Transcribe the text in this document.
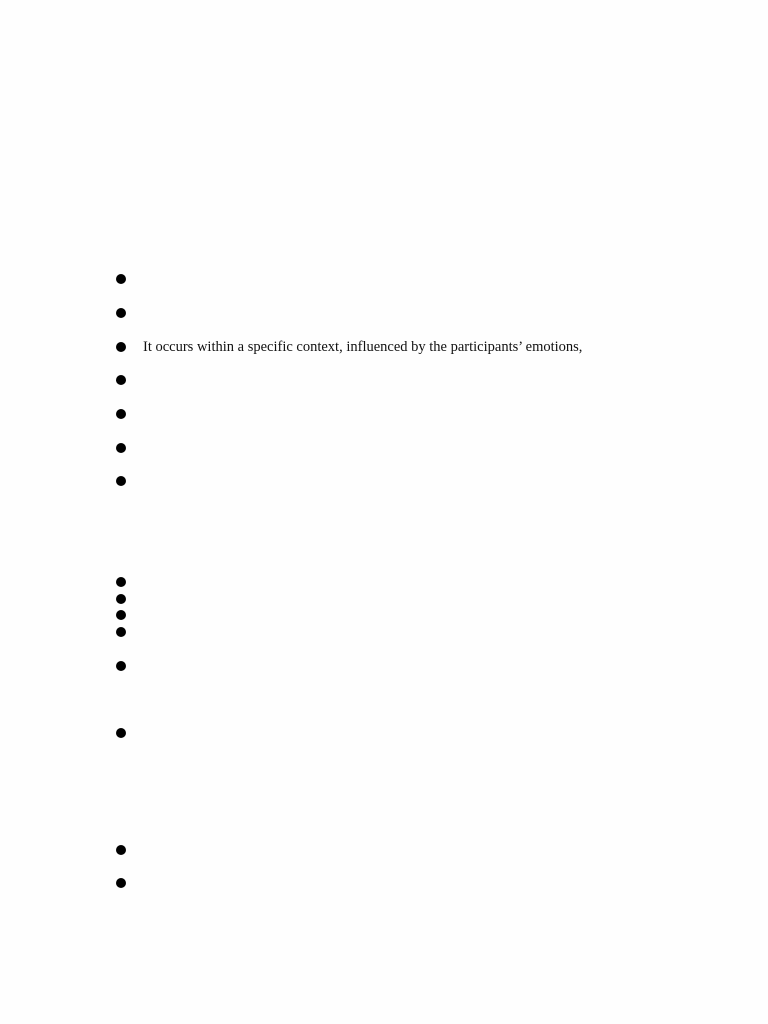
It occurs within a specific context, influenced by the participants’ emotions,
